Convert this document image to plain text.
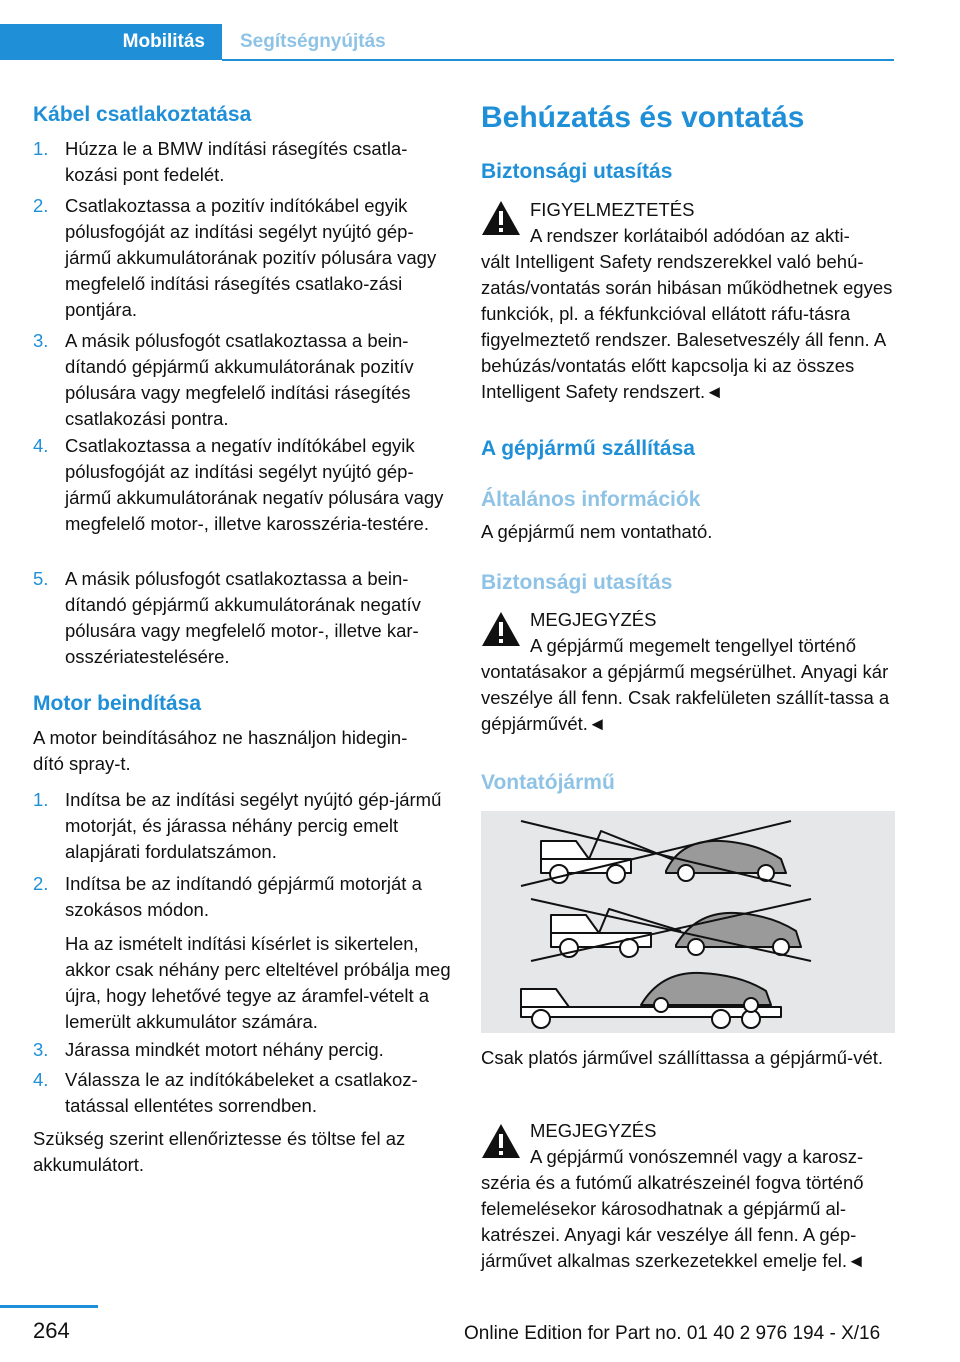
Mobilitás	Segítségnyújtás
Kábel csatlakoztatása
1. Húzza le a BMW indítási rásegítés csatla-kozási pont fedelét.
2. Csatlakoztassa a pozitív indítókábel egyik pólusfogóját az indítási segélyt nyújtó gép-jármű akkumulátorának pozitív pólusára vagy megfelelő indítási rásegítés csatlako-zási pontjára.
3. A másik pólusfogót csatlakoztassa a bein-dítandó gépjármű akkumulátorának pozitív pólusára vagy megfelelő indítási rásegítés csatlakozási pontra.
4. Csatlakoztassa a negatív indítókábel egyik pólusfogóját az indítási segélyt nyújtó gép-jármű akkumulátorának negatív pólusára vagy megfelelő motor-, illetve karosszéria-testére.
5. A másik pólusfogót csatlakoztassa a bein-dítandó gépjármű akkumulátorának negatív pólusára vagy megfelelő motor-, illetve kar-osszériatestelésére.
Motor beindítása

A motor beindításához ne használjon hidegin-dító spray-t.

1. Indítsa be az indítási segélyt nyújtó gép-jármű motorját, és járassa néhány percig emelt alapjárati fordulatszámon.
2. Indítsa be az indítandó gépjármű motorját a szokásos módon.
Ha az ismételt indítási kísérlet is sikertelen, akkor csak néhány perc elteltével próbálja meg újra, hogy lehetővé tegye az áramfel-vételt a lemerült akkumulátor számára.
3. Járassa mindkét motort néhány percig.
4. Válassza le az indítókábeleket a csatlakoz-tatással ellentétes sorrendben.

Szükség szerint ellenőriztesse és töltse fel az akkumulátort.

Behúzatás és vontatás
Biztonsági utasítás
FIGYELMEZTETÉS
A rendszer korlátaiból adódóan az akti-

vált Intelligent Safety rendszerekkel való behú-zatás/vontatás során hibásan működhetnek egyes funkciók, pl. a fékfunkcióval ellátott ráfu-tásra figyelmeztető rendszer. Balesetveszély áll fenn. A behúzás/vontatás előtt kapcsolja ki az összes Intelligent Safety rendszert.◄

A gépjármű szállítása
Általános információk
A gépjármű nem vontatható.
Biztonsági utasítás
MEGJEGYZÉS
A gépjármű megemelt tengellyel történő

vontatásakor a gépjármű megsérülhet. Anyagi kár veszélye áll fenn. Csak rakfelületen szállít-tassa a gépjárművét.◄

Vontatójármű

Csak platós járművel szállíttassa a gépjármű-vét.

MEGJEGYZÉS
A gépjármű vonószemnél vagy a karosz-

széria és a futómű alkatrészeinél fogva történő felemelésekor károsodhatnak a gépjármű al-katrészei. Anyagi kár veszélye áll fenn. A gép-járművet alkalmas szerkezetekkel emelje fel.◄

264	Online Edition for Part no. 01 40 2 976 194 - X/16
